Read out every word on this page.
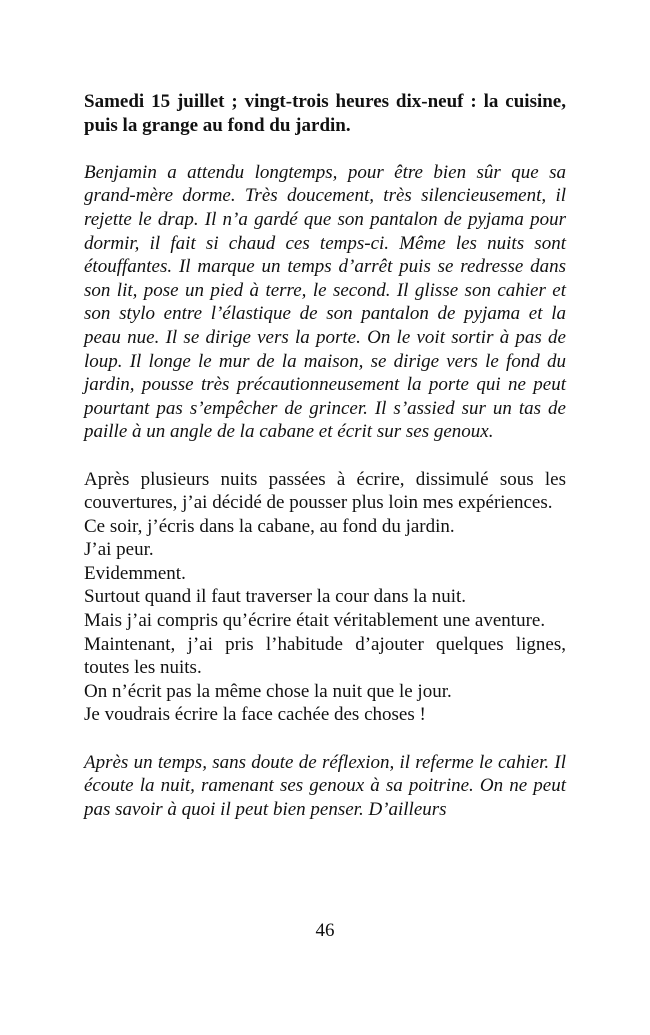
Samedi 15 juillet ; vingt-trois heures dix-neuf : la cuisine, puis la grange au fond du jardin.

Benjamin a attendu longtemps, pour être bien sûr que sa grand-mère dorme. Très doucement, très silencieusement, il rejette le drap. Il n’a gardé que son pantalon de pyjama pour dormir, il fait si chaud ces temps-ci. Même les nuits sont étouffantes. Il marque un temps d’arrêt puis se redresse dans son lit, pose un pied à terre, le second. Il glisse son cahier et son stylo entre l’élastique de son pantalon de pyjama et la peau nue. Il se dirige vers la porte. On le voit sortir à pas de loup. Il longe le mur de la maison, se dirige vers le fond du jardin, pousse très précautionneusement la porte qui ne peut pourtant pas s’empêcher de grincer. Il s’assied sur un tas de paille à un angle de la cabane et écrit sur ses genoux.

Après plusieurs nuits passées à écrire, dissimulé sous les couvertures, j’ai décidé de pousser plus loin mes expériences.

Ce soir, j’écris dans la cabane, au fond du jardin.

J’ai peur.

Evidemment.

Surtout quand il faut traverser la cour dans la nuit.

Mais j’ai compris qu’écrire était véritablement une aventure.

Maintenant, j’ai pris l’habitude d’ajouter quelques lignes, toutes les nuits.

On n’écrit pas la même chose la nuit que le jour.

Je voudrais écrire la face cachée des choses !

Après un temps, sans doute de réflexion, il referme le cahier. Il écoute la nuit, ramenant ses genoux à sa poitrine. On ne peut pas savoir à quoi il peut bien penser. D’ailleurs

46
